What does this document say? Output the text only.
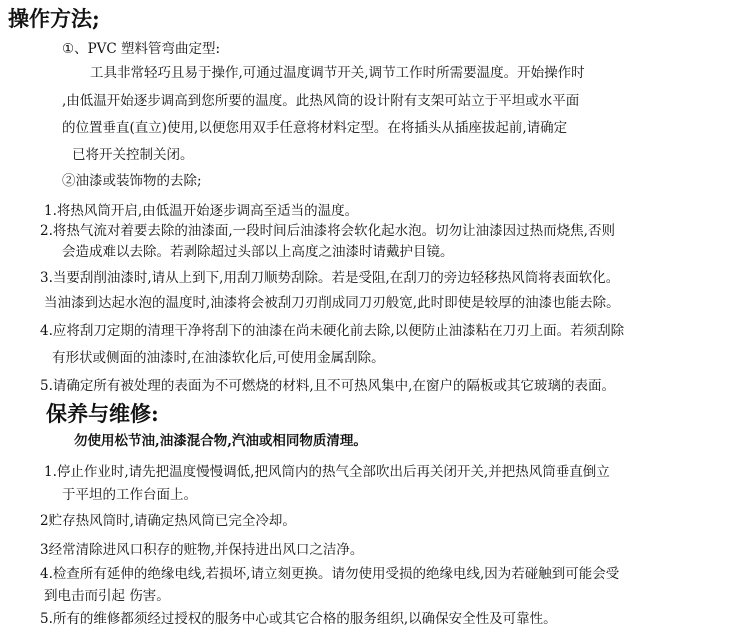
操作方法;
①、PVC 塑料管弯曲定型:
工具非常轻巧且易于操作,可通过温度调节开关,调节工作时所需要温度。开始操作时
,由低温开始逐步调高到您所要的温度。此热风筒的设计附有支架可站立于平坦或水平面
的位置垂直(直立)使用,以便您用双手任意将材料定型。在将插头从插座拔起前,请确定
已将开关控制关闭。
②油漆或装饰物的去除;
1.将热风筒开启,由低温开始逐步调高至适当的温度。
2.将热气流对着要去除的油漆面,一段时间后油漆将会软化起水泡。切勿让油漆因过热而烧焦,否则
会造成难以去除。若剥除超过头部以上高度之油漆时请戴护目镜。
3.当要刮削油漆时,请从上到下,用刮刀顺势刮除。若是受阻,在刮刀的旁边轻移热风筒将表面软化。
当油漆到达起水泡的温度时,油漆将会被刮刀刃削成同刀刃般宽,此时即使是较厚的油漆也能去除。
4.应将刮刀定期的清理干净将刮下的油漆在尚未硬化前去除,以便防止油漆粘在刀刃上面。若须刮除
有形状或侧面的油漆时,在油漆软化后,可使用金属刮除。
5.请确定所有被处理的表面为不可燃烧的材料,且不可热风集中,在窗户的隔板或其它玻璃的表面。
保养与维修:
勿使用松节油,油漆混合物,汽油或相同物质清理。
1.停止作业时,请先把温度慢慢调低,把风筒内的热气全部吹出后再关闭开关,并把热风筒垂直倒立
于平坦的工作台面上。
2贮存热风筒时,请确定热风筒已完全冷却。
3经常清除进风口积存的赃物,并保持进出风口之洁净。
4.检查所有延伸的绝缘电线,若损坏,请立刻更换。请勿使用受损的绝缘电线,因为若碰触到可能会受
到电击而引起 伤害。
5.所有的维修都须经过授权的服务中心或其它合格的服务组织,以确保安全性及可靠性。
